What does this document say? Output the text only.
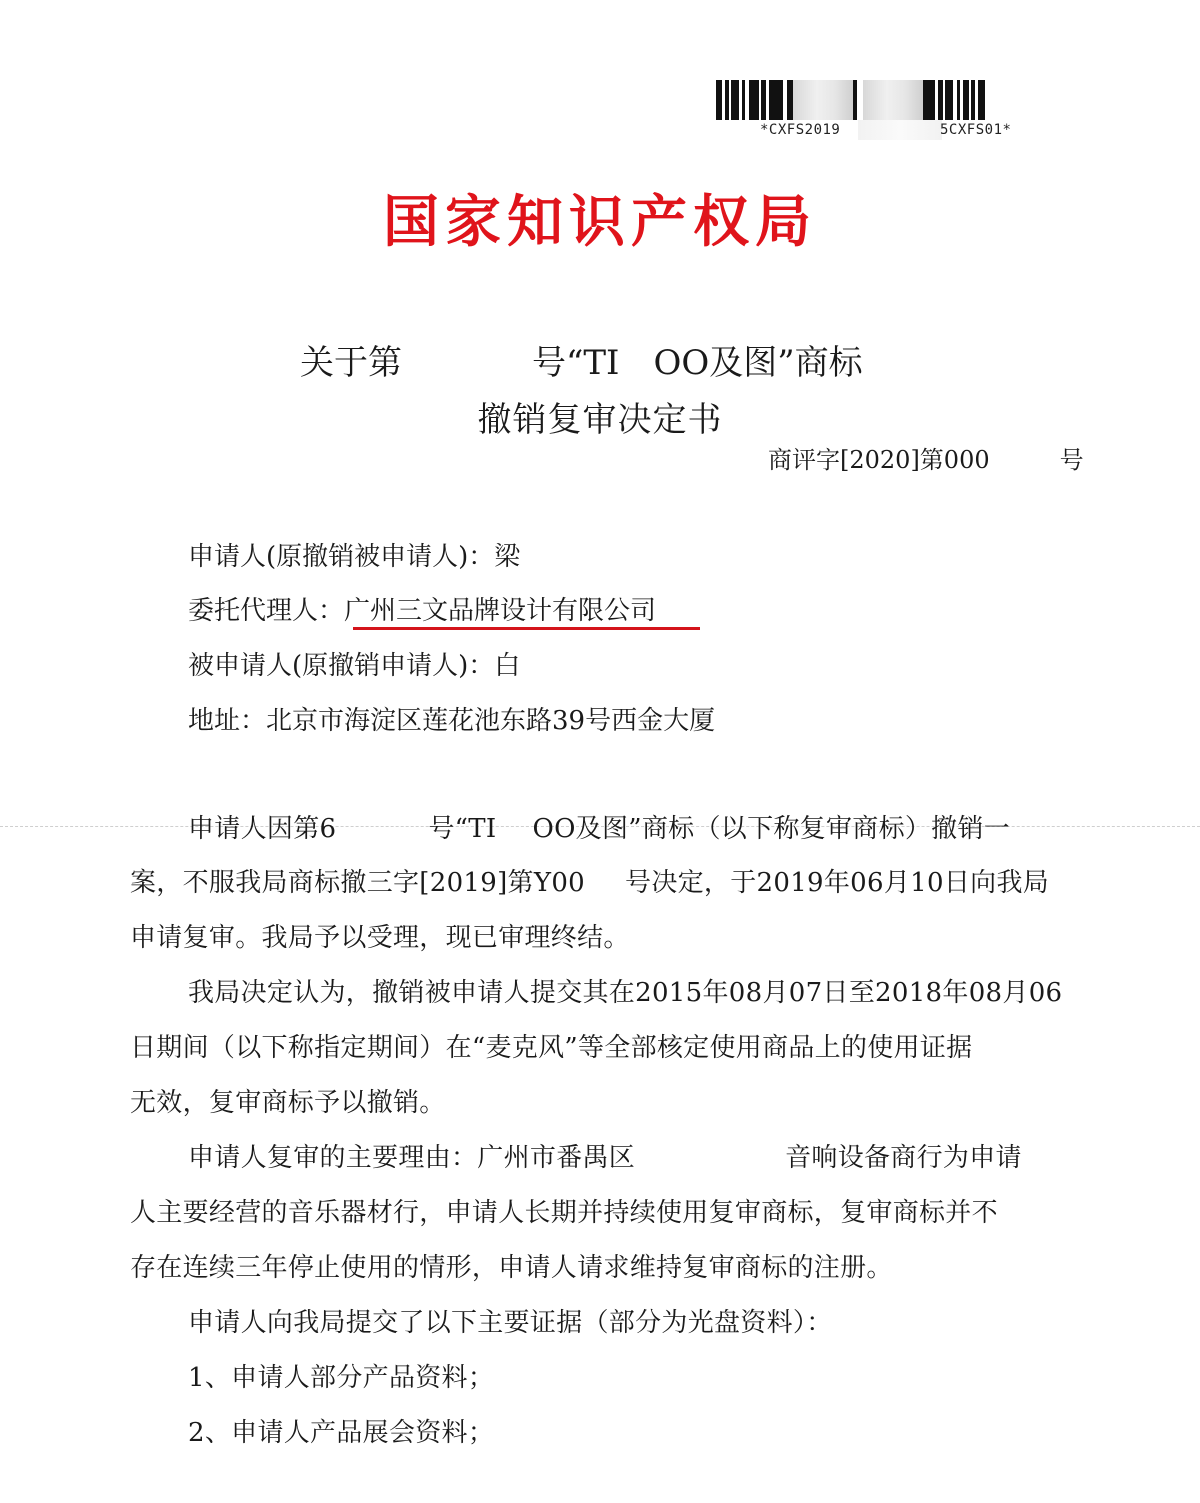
*CXFS2019	5CXFS01*
国家知识产权局
关于第	号“TI OO及图”商标
撤销复审决定书
商评字[2020]第000	号
申请人(原撤销被申请人)：梁
委托代理人：广州三文品牌设计有限公司
被申请人(原撤销申请人)：白
地址：北京市海淀区莲花池东路39号西金大厦
申请人因第6	号“TI OO及图”商标（以下称复审商标）撤销一
案，不服我局商标撤三字[2019]第Y00 号决定，于2019年06月10日向我局
申请复审。我局予以受理，现已审理终结。
我局决定认为，撤销被申请人提交其在2015年08月07日至2018年08月06
日期间（以下称指定期间）在“麦克风”等全部核定使用商品上的使用证据
无效，复审商标予以撤销。
申请人复审的主要理由：广州市番禺区	音响设备商行为申请
人主要经营的音乐器材行，申请人长期并持续使用复审商标，复审商标并不
存在连续三年停止使用的情形，申请人请求维持复审商标的注册。
申请人向我局提交了以下主要证据（部分为光盘资料）：
1、申请人部分产品资料；
2、申请人产品展会资料；
